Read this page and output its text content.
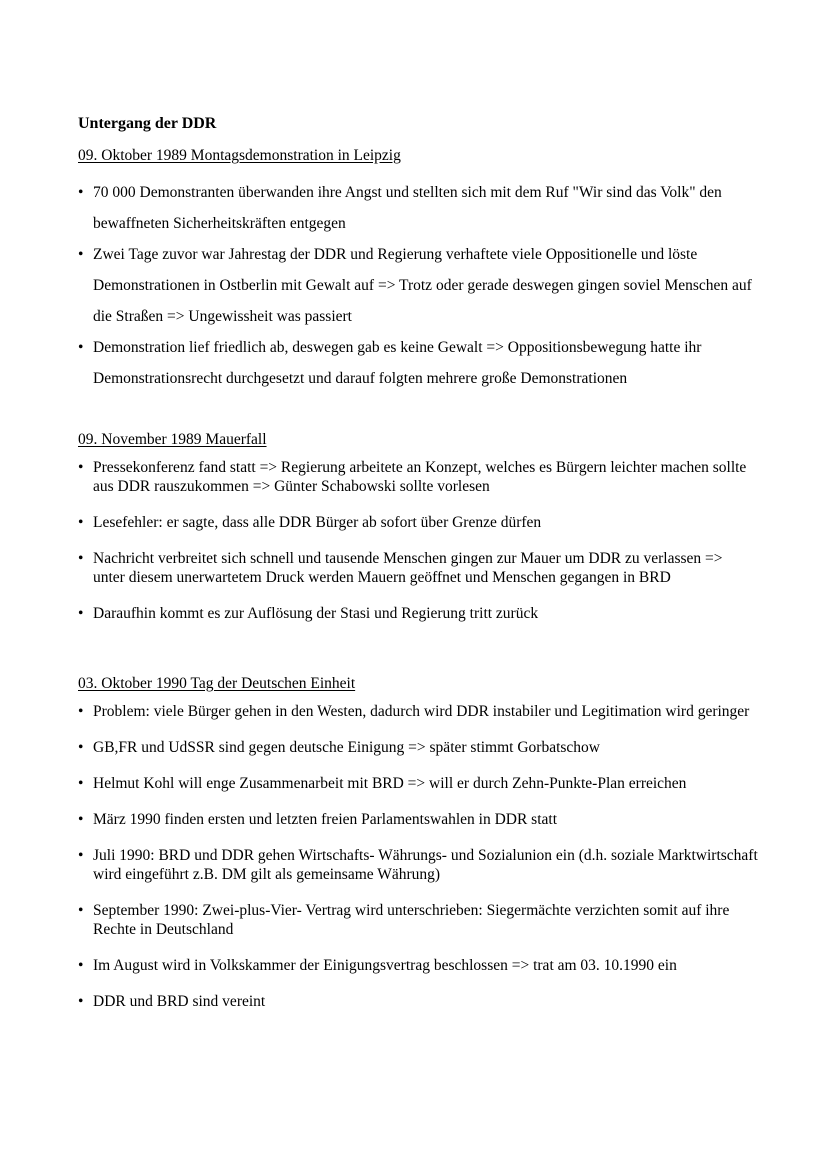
Untergang der DDR
09. Oktober 1989 Montagsdemonstration in Leipzig
• 70 000 Demonstranten überwanden ihre Angst und stellten sich mit dem Ruf "Wir sind das Volk" den bewaffneten Sicherheitskräften entgegen
• Zwei Tage zuvor war Jahrestag der DDR und Regierung verhaftete viele Oppositionelle und löste Demonstrationen in Ostberlin mit Gewalt auf => Trotz oder gerade deswegen gingen soviel Menschen auf die Straßen => Ungewissheit was passiert
• Demonstration lief friedlich ab, deswegen gab es keine Gewalt => Oppositionsbewegung hatte ihr Demonstrationsrecht durchgesetzt und darauf folgten mehrere große Demonstrationen
09. November 1989 Mauerfall
• Pressekonferenz fand statt => Regierung arbeitete an Konzept, welches es Bürgern leichter machen sollte aus DDR rauszukommen => Günter Schabowski sollte vorlesen
• Lesefehler: er sagte, dass alle DDR Bürger ab sofort über Grenze dürfen
• Nachricht verbreitet sich schnell und tausende Menschen gingen zur Mauer um DDR zu verlassen => unter diesem unerwartetem Druck werden Mauern geöffnet und Menschen gegangen in BRD
• Daraufhin kommt es zur Auflösung der Stasi und Regierung tritt zurück
03. Oktober 1990 Tag der Deutschen Einheit
• Problem: viele Bürger gehen in den Westen, dadurch wird DDR instabiler und Legitimation wird geringer
• GB,FR und UdSSR sind gegen deutsche Einigung => später stimmt Gorbatschow
• Helmut Kohl will enge Zusammenarbeit mit BRD => will er durch Zehn-Punkte-Plan erreichen
• März 1990 finden ersten und letzten freien Parlamentswahlen in DDR statt
• Juli 1990: BRD und DDR gehen Wirtschafts- Währungs- und Sozialunion ein (d.h. soziale Marktwirtschaft wird eingeführt z.B. DM gilt als gemeinsame Währung)
• September 1990: Zwei-plus-Vier- Vertrag wird unterschrieben: Siegermächte verzichten somit auf ihre Rechte in Deutschland
• Im August wird in Volkskammer der Einigungsvertrag beschlossen => trat am 03. 10.1990 ein
• DDR und BRD sind vereint
